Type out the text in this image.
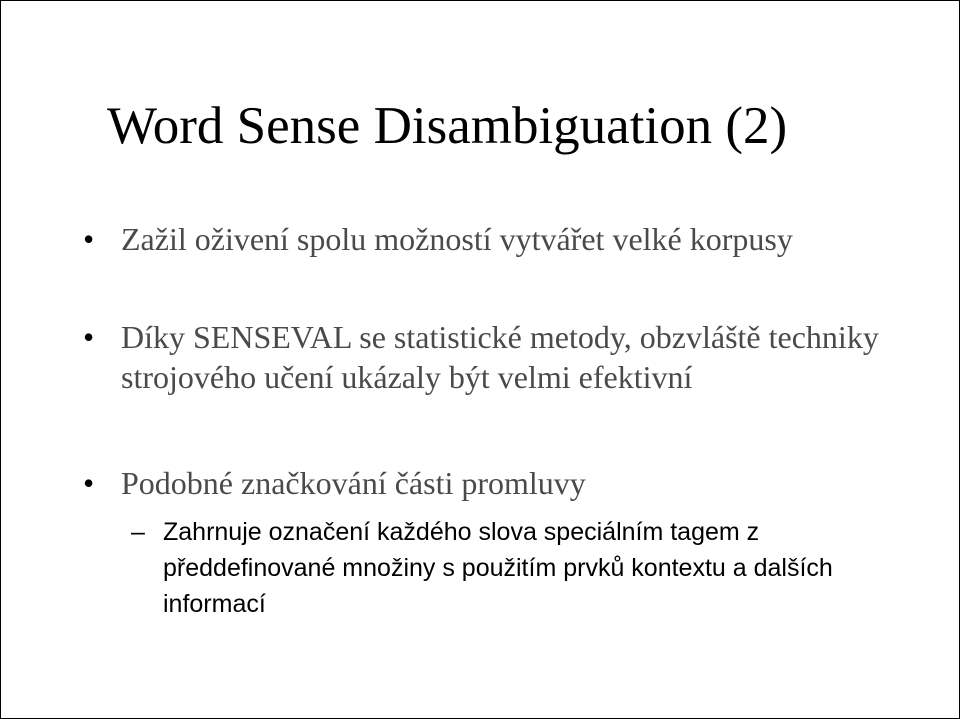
Word Sense Disambiguation (2)
• Zažil oživení spolu možností vytvářet velké korpusy
• Díky SENSEVAL se statistické metody, obzvláště techniky strojového učení ukázaly být velmi efektivní
• Podobné značkování části promluvy
– Zahrnuje označení každého slova speciálním tagem z předdefinované množiny s použitím prvků kontextu a dalších informací
